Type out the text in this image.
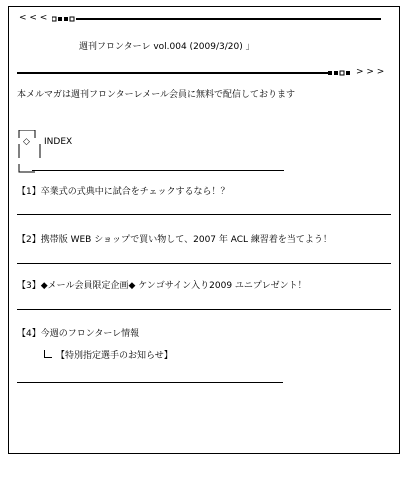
< < <
週刊フロンターレ vol.004 (2009/3/20) ｣
> > >
本メルマガは週刊フロンターレメール会員に無料で配信しております
◇ INDEX
【1】卒業式の式典中に試合をチェックするなら！？
【2】携帯版 WEB ショップで買い物して、2007 年 ACL 練習着を当てよう！
【3】◆メール会員限定企画◆ ケンゴサイン入り2009 ユニプレゼント！
【4】今週のフロンターレ情報
【特別指定選手のお知らせ】
